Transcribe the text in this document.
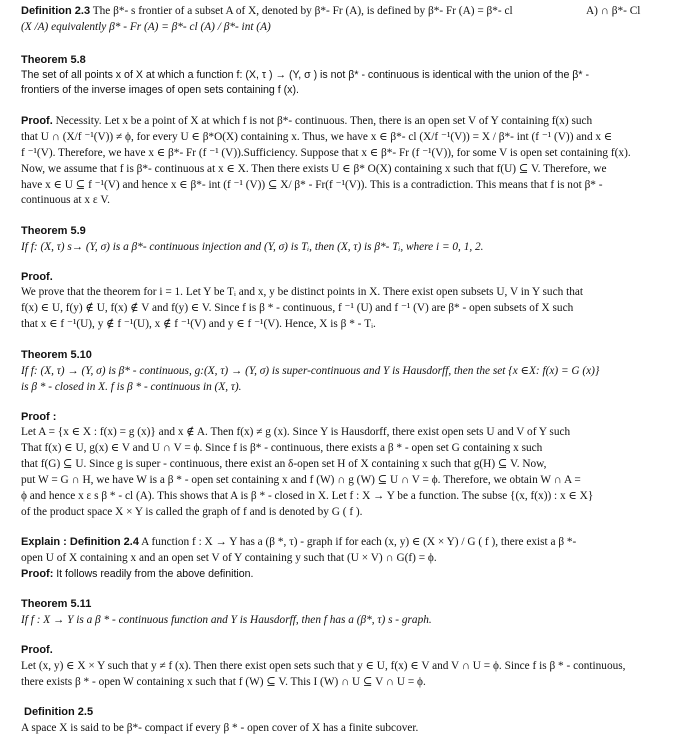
Definition 2.3 The β*- s frontier of a subset A of X, denoted by β*- Fr (A), is defined by β*- Fr (A) = β*- cl	A) ∩ β*- Cl
(X /A) equivalently β* - Fr (A) = β*- cl (A) / β*- int (A)
Theorem 5.8
The set of all points x of X at which a function f: (X, τ ) → (Y, σ ) is not β* - continuous is identical with the union of the β* -
frontiers of the inverse images of open sets containing f (x).
Proof. Necessity. Let x be a point of X at which f is not β*- continuous. Then, there is an open set V of Y containing f(x) such
that U ∩ (X/f ⁻¹(V)) ≠ ϕ, for every U ∈ β*O(X) containing x. Thus, we have x ∈ β*- cl (X/f ⁻¹(V)) = X / β*- int (f ⁻¹ (V)) and x ∈
f ⁻¹(V). Therefore, we have x ∈ β*- Fr (f ⁻¹ (V)).Sufficiency. Suppose that x ∈ β*- Fr (f ⁻¹(V)), for some V is open set containing f(x).
Now, we assume that f is β*- continuous at x ∈ X. Then there exists U ∈ β* O(X) containing x such that f(U) ⊆ V. Therefore, we
have x ∈ U ⊆ f ⁻¹(V) and hence x ∈ β*- int (f ⁻¹ (V)) ⊆ X/ β* - Fr(f ⁻¹(V)). This is a contradiction. This means that f is not β* -
continuous at x ε V.
Theorem 5.9
If f: (X, τ) s→ (Y, σ) is a β*- continuous injection and (Y, σ) is Tᵢ, then (X, τ) is β*- Tᵢ, where i = 0, 1, 2.
Proof.
We prove that the theorem for i = 1. Let Y be Tᵢ and x, y be distinct points in X. There exist open subsets U, V in Y such that
f(x) ∈ U, f(y) ∉ U, f(x) ∉ V and f(y) ∈ V. Since f is β * - continuous, f ⁻¹ (U) and f ⁻¹ (V) are β* - open subsets of X such
that x ∈ f ⁻¹(U), y ∉ f ⁻¹(U), x ∉ f ⁻¹(V) and y ∈ f ⁻¹(V). Hence, X is β * - Tᵢ.
Theorem 5.10
If f: (X, τ) → (Y, σ) is β* - continuous, g:(X, τ) → (Y, σ) is super-continuous and Y is Hausdorff, then the set {x ∈X: f(x) = G (x)}
is β * - closed in X. f is β * - continuous in (X, τ).
Proof :
Let A = {x ∈ X : f(x) = g (x)} and x ∉ A. Then f(x) ≠ g (x). Since Y is Hausdorff, there exist open sets U and V of Y such
That f(x) ∈ U, g(x) ∈ V and U ∩ V = ϕ. Since f is β* - continuous, there exists a β * - open set G containing x such
that f(G) ⊆ U. Since g is super - continuous, there exist an δ-open set H of X containing x such that g(H) ⊆ V. Now,
put W = G ∩ H, we have W is a β * - open set containing x and f (W) ∩ g (W) ⊆ U ∩ V = ϕ. Therefore, we obtain W ∩ A =
ϕ and hence x ε s β * - cl (A). This shows that A is β * - closed in X. Let f : X → Y be a function. The subse {(x, f(x)) : x ∈ X}
of the product space X × Y is called the graph of f and is denoted by G ( f ).
Explain : Definition 2.4 A function f : X → Y has a (β *, τ) - graph if for each (x, y) ∈ (X × Y) / G ( f ), there exist a β *-
open U of X containing x and an open set V of Y containing y such that (U × V) ∩ G(f) = ϕ.
Proof: It follows readily from the above definition.
Theorem 5.11
If f : X → Y is a β * - continuous function and Y is Hausdorff, then f has a (β*, τ) s - graph.
Proof.
Let (x, y) ∈ X × Y such that y ≠ f (x). Then there exist open sets such that y ∈ U, f(x) ∈ V and V ∩ U = ϕ. Since f is β * - continuous,
there exists β * - open W containing x such that f (W) ⊆ V. This I (W) ∩ U ⊆ V ∩ U = ϕ.
Definition 2.5
A space X is said to be β*- compact if every β * - open cover of X has a finite subcover.
